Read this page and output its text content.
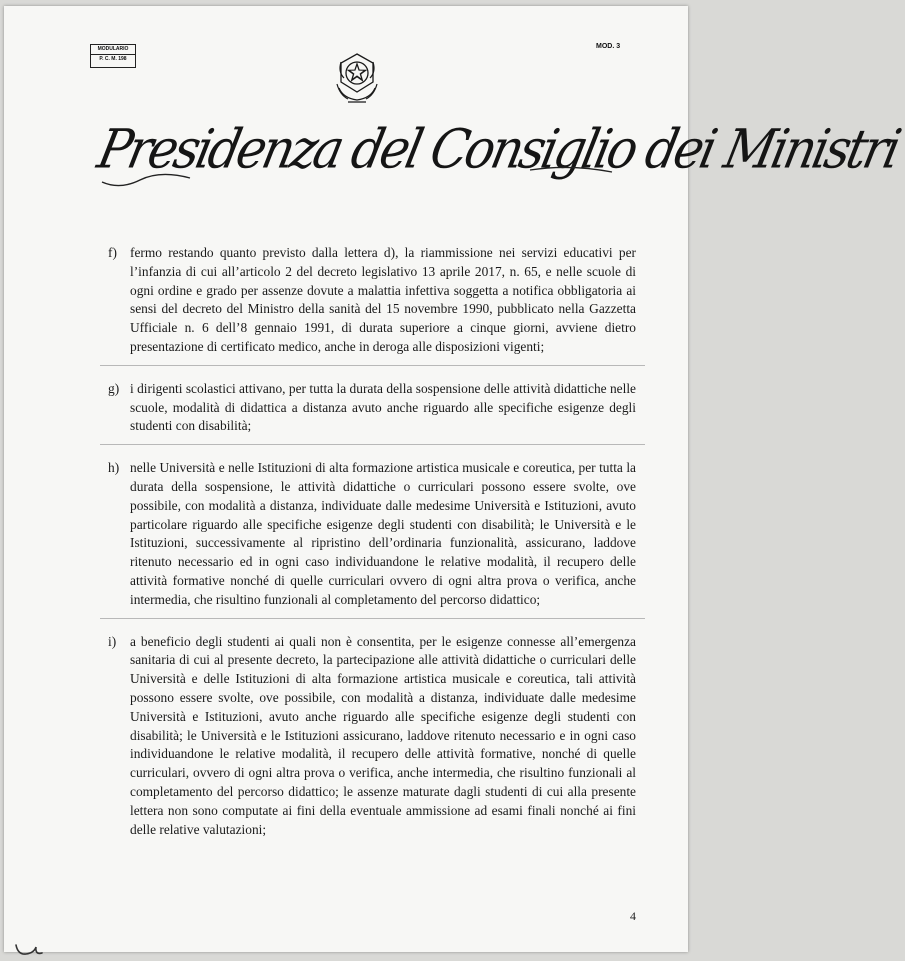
MODULARIO
P. C. M. 198
MOD. 3
Presidenza del Consiglio dei Ministri
f) fermo restando quanto previsto dalla lettera d), la riammissione nei servizi educativi per l’infanzia di cui all’articolo 2 del decreto legislativo 13 aprile 2017, n. 65, e nelle scuole di ogni ordine e grado per assenze dovute a malattia infettiva soggetta a notifica obbligatoria ai sensi del decreto del Ministro della sanità del 15 novembre 1990, pubblicato nella Gazzetta Ufficiale n. 6 dell’8 gennaio 1991, di durata superiore a cinque giorni, avviene dietro presentazione di certificato medico, anche in deroga alle disposizioni vigenti;
g) i dirigenti scolastici attivano, per tutta la durata della sospensione delle attività didattiche nelle scuole, modalità di didattica a distanza avuto anche riguardo alle specifiche esigenze degli studenti con disabilità;
h) nelle Università e nelle Istituzioni di alta formazione artistica musicale e coreutica, per tutta la durata della sospensione, le attività didattiche o curriculari possono essere svolte, ove possibile, con modalità a distanza, individuate dalle medesime Università e Istituzioni, avuto particolare riguardo alle specifiche esigenze degli studenti con disabilità; le Università e le Istituzioni, successivamente al ripristino dell’ordinaria funzionalità, assicurano, laddove ritenuto necessario ed in ogni caso individuandone le relative modalità, il recupero delle attività formative nonché di quelle curriculari ovvero di ogni altra prova o verifica, anche intermedia, che risultino funzionali al completamento del percorso didattico;
i)	a beneficio degli studenti ai quali non è consentita, per le esigenze connesse all’emergenza sanitaria di cui al presente decreto, la partecipazione alle attività didattiche o curriculari delle Università e delle Istituzioni di alta formazione artistica musicale e coreutica, tali attività possono essere svolte, ove possibile, con modalità a distanza, individuate dalle medesime Università e Istituzioni, avuto anche riguardo alle specifiche esigenze degli studenti con disabilità; le Università e le Istituzioni assicurano, laddove ritenuto necessario e in ogni caso individuandone le relative modalità, il recupero delle attività formative, nonché di quelle curriculari, ovvero di ogni altra prova o verifica, anche intermedia, che risultino funzionali al completamento del percorso didattico; le assenze maturate dagli studenti di cui alla presente lettera non sono computate ai fini della eventuale ammissione ad esami finali nonché ai fini delle relative valutazioni;
4
